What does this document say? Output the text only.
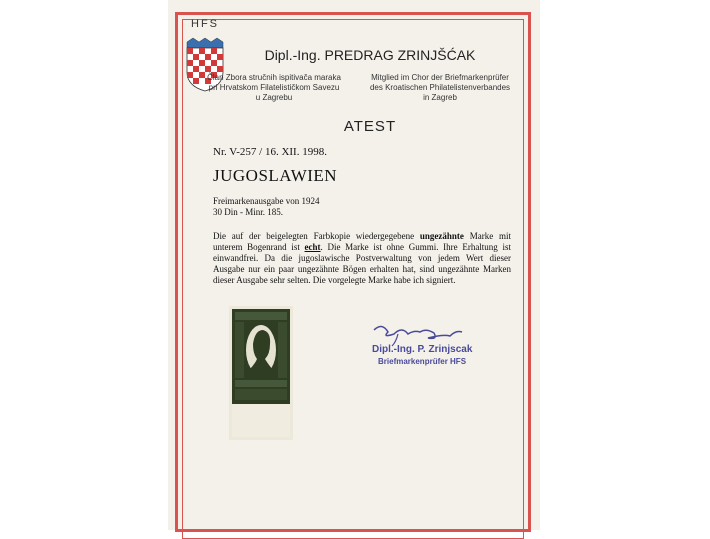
HFS
Dipl.-Ing. PREDRAG ZRINJŠĆAK
Član Zbora stručnih ispitivača maraka
pri Hrvatskom Filatelističkom Savezu
u Zagrebu
Mitglied im Chor der Briefmarkenprüfer
des Kroatischen Philatelistenverbandes
in Zagreb
ATEST
Nr. V-257 / 16. XII. 1998.
JUGOSLAWIEN
Freimarkenausgabe von 1924
30 Din - Minr. 185.
Die auf der beigelegten Farbkopie wiedergegebene ungezähnte Marke mit unterem Bogenrand ist echt. Die Marke ist ohne Gummi. Ihre Erhaltung ist einwandfrei. Da die jugoslawische Postverwaltung von jedem Wert dieser Ausgabe nur ein paar ungezähnte Bögen erhalten hat, sind ungezähnte Marken dieser Ausgabe sehr selten. Die vorgelegte Marke habe ich signiert.
Dipl.-Ing. P. Zrinjscak
Briefmarkenprüfer HFS
